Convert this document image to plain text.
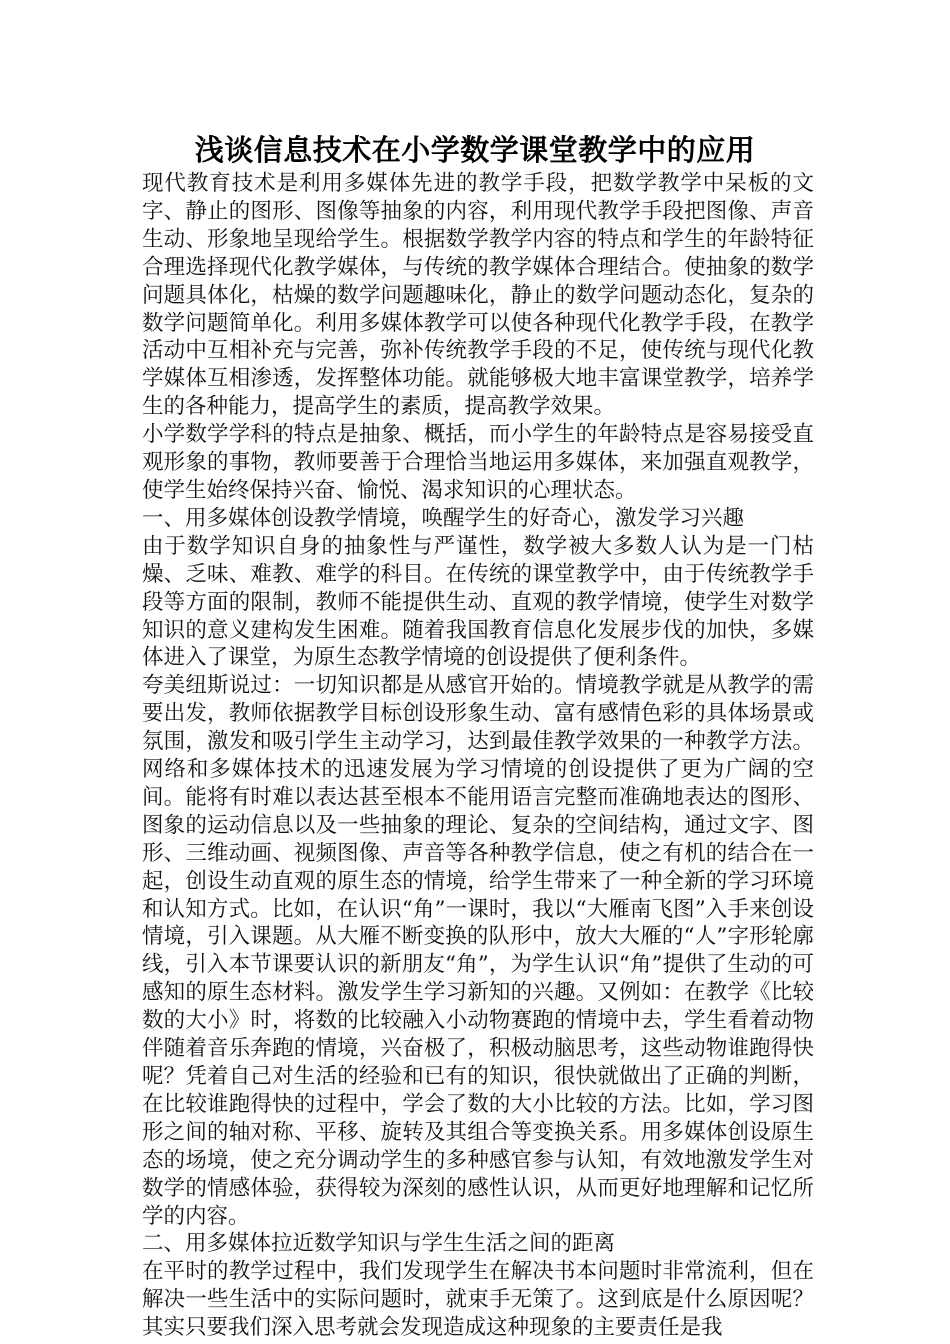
浅谈信息技术在小学数学课堂教学中的应用

现代教育技术是利用多媒体先进的教学手段，把数学教学中呆板的文字、静止的图形、图像等抽象的内容，利用现代教学手段把图像、声音生动、形象地呈现给学生。根据数学教学内容的特点和学生的年龄特征合理选择现代化教学媒体，与传统的教学媒体合理结合。使抽象的数学问题具体化，枯燥的数学问题趣味化，静止的数学问题动态化，复杂的数学问题简单化。利用多媒体教学可以使各种现代化教学手段，在教学活动中互相补充与完善，弥补传统教学手段的不足，使传统与现代化教学媒体互相渗透，发挥整体功能。就能够极大地丰富课堂教学，培养学生的各种能力，提高学生的素质，提高教学效果。

小学数学学科的特点是抽象、概括，而小学生的年龄特点是容易接受直观形象的事物，教师要善于合理恰当地运用多媒体，来加强直观教学，使学生始终保持兴奋、愉悦、渴求知识的心理状态。

一、用多媒体创设教学情境，唤醒学生的好奇心，激发学习兴趣

由于数学知识自身的抽象性与严谨性，数学被大多数人认为是一门枯燥、乏味、难教、难学的科目。在传统的课堂教学中，由于传统教学手段等方面的限制，教师不能提供生动、直观的教学情境，使学生对数学知识的意义建构发生困难。随着我国教育信息化发展步伐的加快，多媒体进入了课堂，为原生态教学情境的创设提供了便利条件。

夸美纽斯说过：一切知识都是从感官开始的。情境教学就是从教学的需要出发，教师依据教学目标创设形象生动、富有感情色彩的具体场景或氛围，激发和吸引学生主动学习，达到最佳教学效果的一种教学方法。网络和多媒体技术的迅速发展为学习情境的创设提供了更为广阔的空间。能将有时难以表达甚至根本不能用语言完整而准确地表达的图形、图象的运动信息以及一些抽象的理论、复杂的空间结构，通过文字、图形、三维动画、视频图像、声音等各种教学信息，使之有机的结合在一起，创设生动直观的原生态的情境，给学生带来了一种全新的学习环境和认知方式。比如，在认识“角”一课时，我以“大雁南飞图”入手来创设情境，引入课题。从大雁不断变换的队形中，放大大雁的“人”字形轮廓线，引入本节课要认识的新朋友“角”，为学生认识“角”提供了生动的可感知的原生态材料。激发学生学习新知的兴趣。又例如：在教学《比较数的大小》时，将数的比较融入小动物赛跑的情境中去，学生看着动物伴随着音乐奔跑的情境，兴奋极了，积极动脑思考，这些动物谁跑得快呢？凭着自己对生活的经验和已有的知识，很快就做出了正确的判断，在比较谁跑得快的过程中，学会了数的大小比较的方法。比如，学习图形之间的轴对称、平移、旋转及其组合等变换关系。用多媒体创设原生态的场境，使之充分调动学生的多种感官参与认知，有效地激发学生对数学的情感体验，获得较为深刻的感性认识，从而更好地理解和记忆所学的内容。

二、用多媒体拉近数学知识与学生生活之间的距离

在平时的教学过程中，我们发现学生在解决书本问题时非常流利，但在解决一些生活中的实际问题时，就束手无策了。这到底是什么原因呢？其实只要我们深入思考就会发现造成这种现象的主要责任是我
